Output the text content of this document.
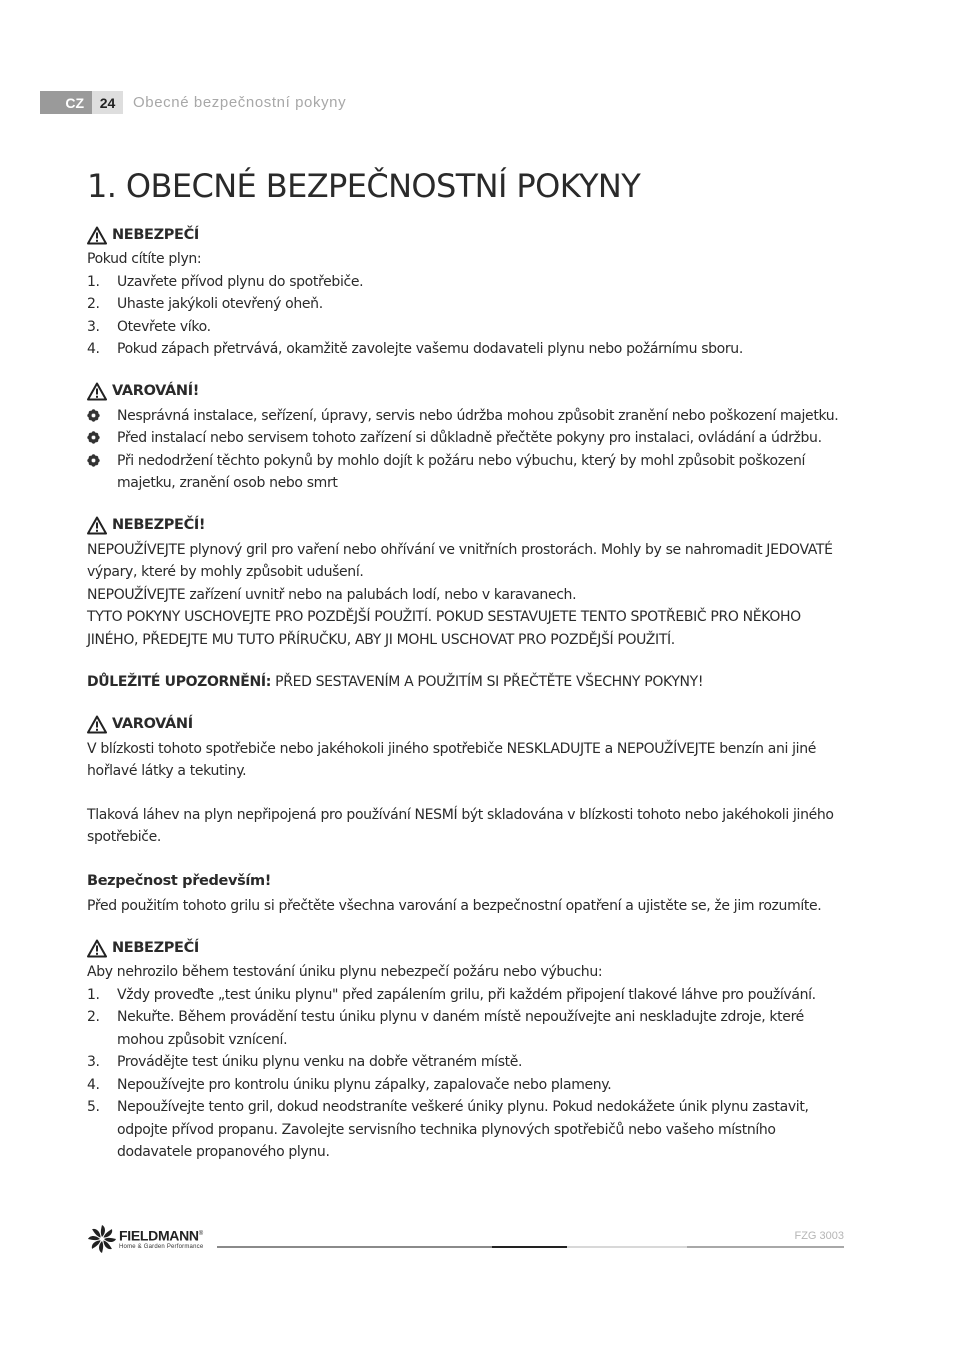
CZ	24	Obecné bezpečnostní pokyny
1. OBECNÉ BEZPEČNOSTNÍ POKYNY
NEBEZPEČÍ

Pokud cítíte plyn:

1.	Uzavřete přívod plynu do spotřebiče.
2.	Uhaste jakýkoli otevřený oheň.
3.	Otevřete víko.
4.	Pokud zápach přetrvává, okamžitě zavolejte vašemu dodavateli plynu nebo požárnímu sboru.
VAROVÁNÍ!
Nesprávná instalace, seřízení, úpravy, servis nebo údržba mohou způsobit zranění nebo poškození majetku.
Před instalací nebo servisem tohoto zařízení si důkladně přečtěte pokyny pro instalaci, ovládání a údržbu.
Při nedodržení těchto pokynů by mohlo dojít k požáru nebo výbuchu, který by mohl způsobit poškození majetku, zranění osob nebo smrt
NEBEZPEČÍ!

NEPOUŽÍVEJTE plynový gril pro vaření nebo ohřívání ve vnitřních prostorách. Mohly by se nahromadit JEDOVATÉ výpary, které by mohly způsobit udušení.

NEPOUŽÍVEJTE zařízení uvnitř nebo na palubách lodí, nebo v karavanech.

TYTO POKYNY USCHOVEJTE PRO POZDĚJŠÍ POUŽITÍ. POKUD SESTAVUJETE TENTO SPOTŘEBIČ PRO NĚKOHO JINÉHO, PŘEDEJTE MU TUTO PŘÍRUČKU, ABY JI MOHL USCHOVAT PRO POZDĚJŠÍ POUŽITÍ.

DŮLEŽITÉ UPOZORNĚNÍ: PŘED SESTAVENÍM A POUŽITÍM SI PŘEČTĚTE VŠECHNY POKYNY!

VAROVÁNÍ

V blízkosti tohoto spotřebiče nebo jakéhokoli jiného spotřebiče NESKLADUJTE a NEPOUŽÍVEJTE benzín ani jiné hořlavé látky a tekutiny.

Tlaková láhev na plyn nepřipojená pro používání NESMÍ být skladována v blízkosti tohoto nebo jakéhokoli jiného spotřebiče.

Bezpečnost především!

Před použitím tohoto grilu si přečtěte všechna varování a bezpečnostní opatření a ujistěte se, že jim rozumíte.

NEBEZPEČÍ

Aby nehrozilo během testování úniku plynu nebezpečí požáru nebo výbuchu:

1.	Vždy proveďte „test úniku plynu" před zapálením grilu, při každém připojení tlakové láhve pro používání.
2.	Nekuřte. Během provádění testu úniku plynu v daném místě nepoužívejte ani neskladujte zdroje, které mohou způsobit vznícení.
3.	Provádějte test úniku plynu venku na dobře větraném místě.
4.	Nepoužívejte pro kontrolu úniku plynu zápalky, zapalovače nebo plameny.
5.	Nepoužívejte tento gril, dokud neodstraníte veškeré úniky plynu. Pokud nedokážete únik plynu zastavit, odpojte přívod propanu. Zavolejte servisního technika plynových spotřebičů nebo vašeho místního dodavatele propanového plynu.
FIELDMANN®
Home & Garden Performance
FZG 3003
